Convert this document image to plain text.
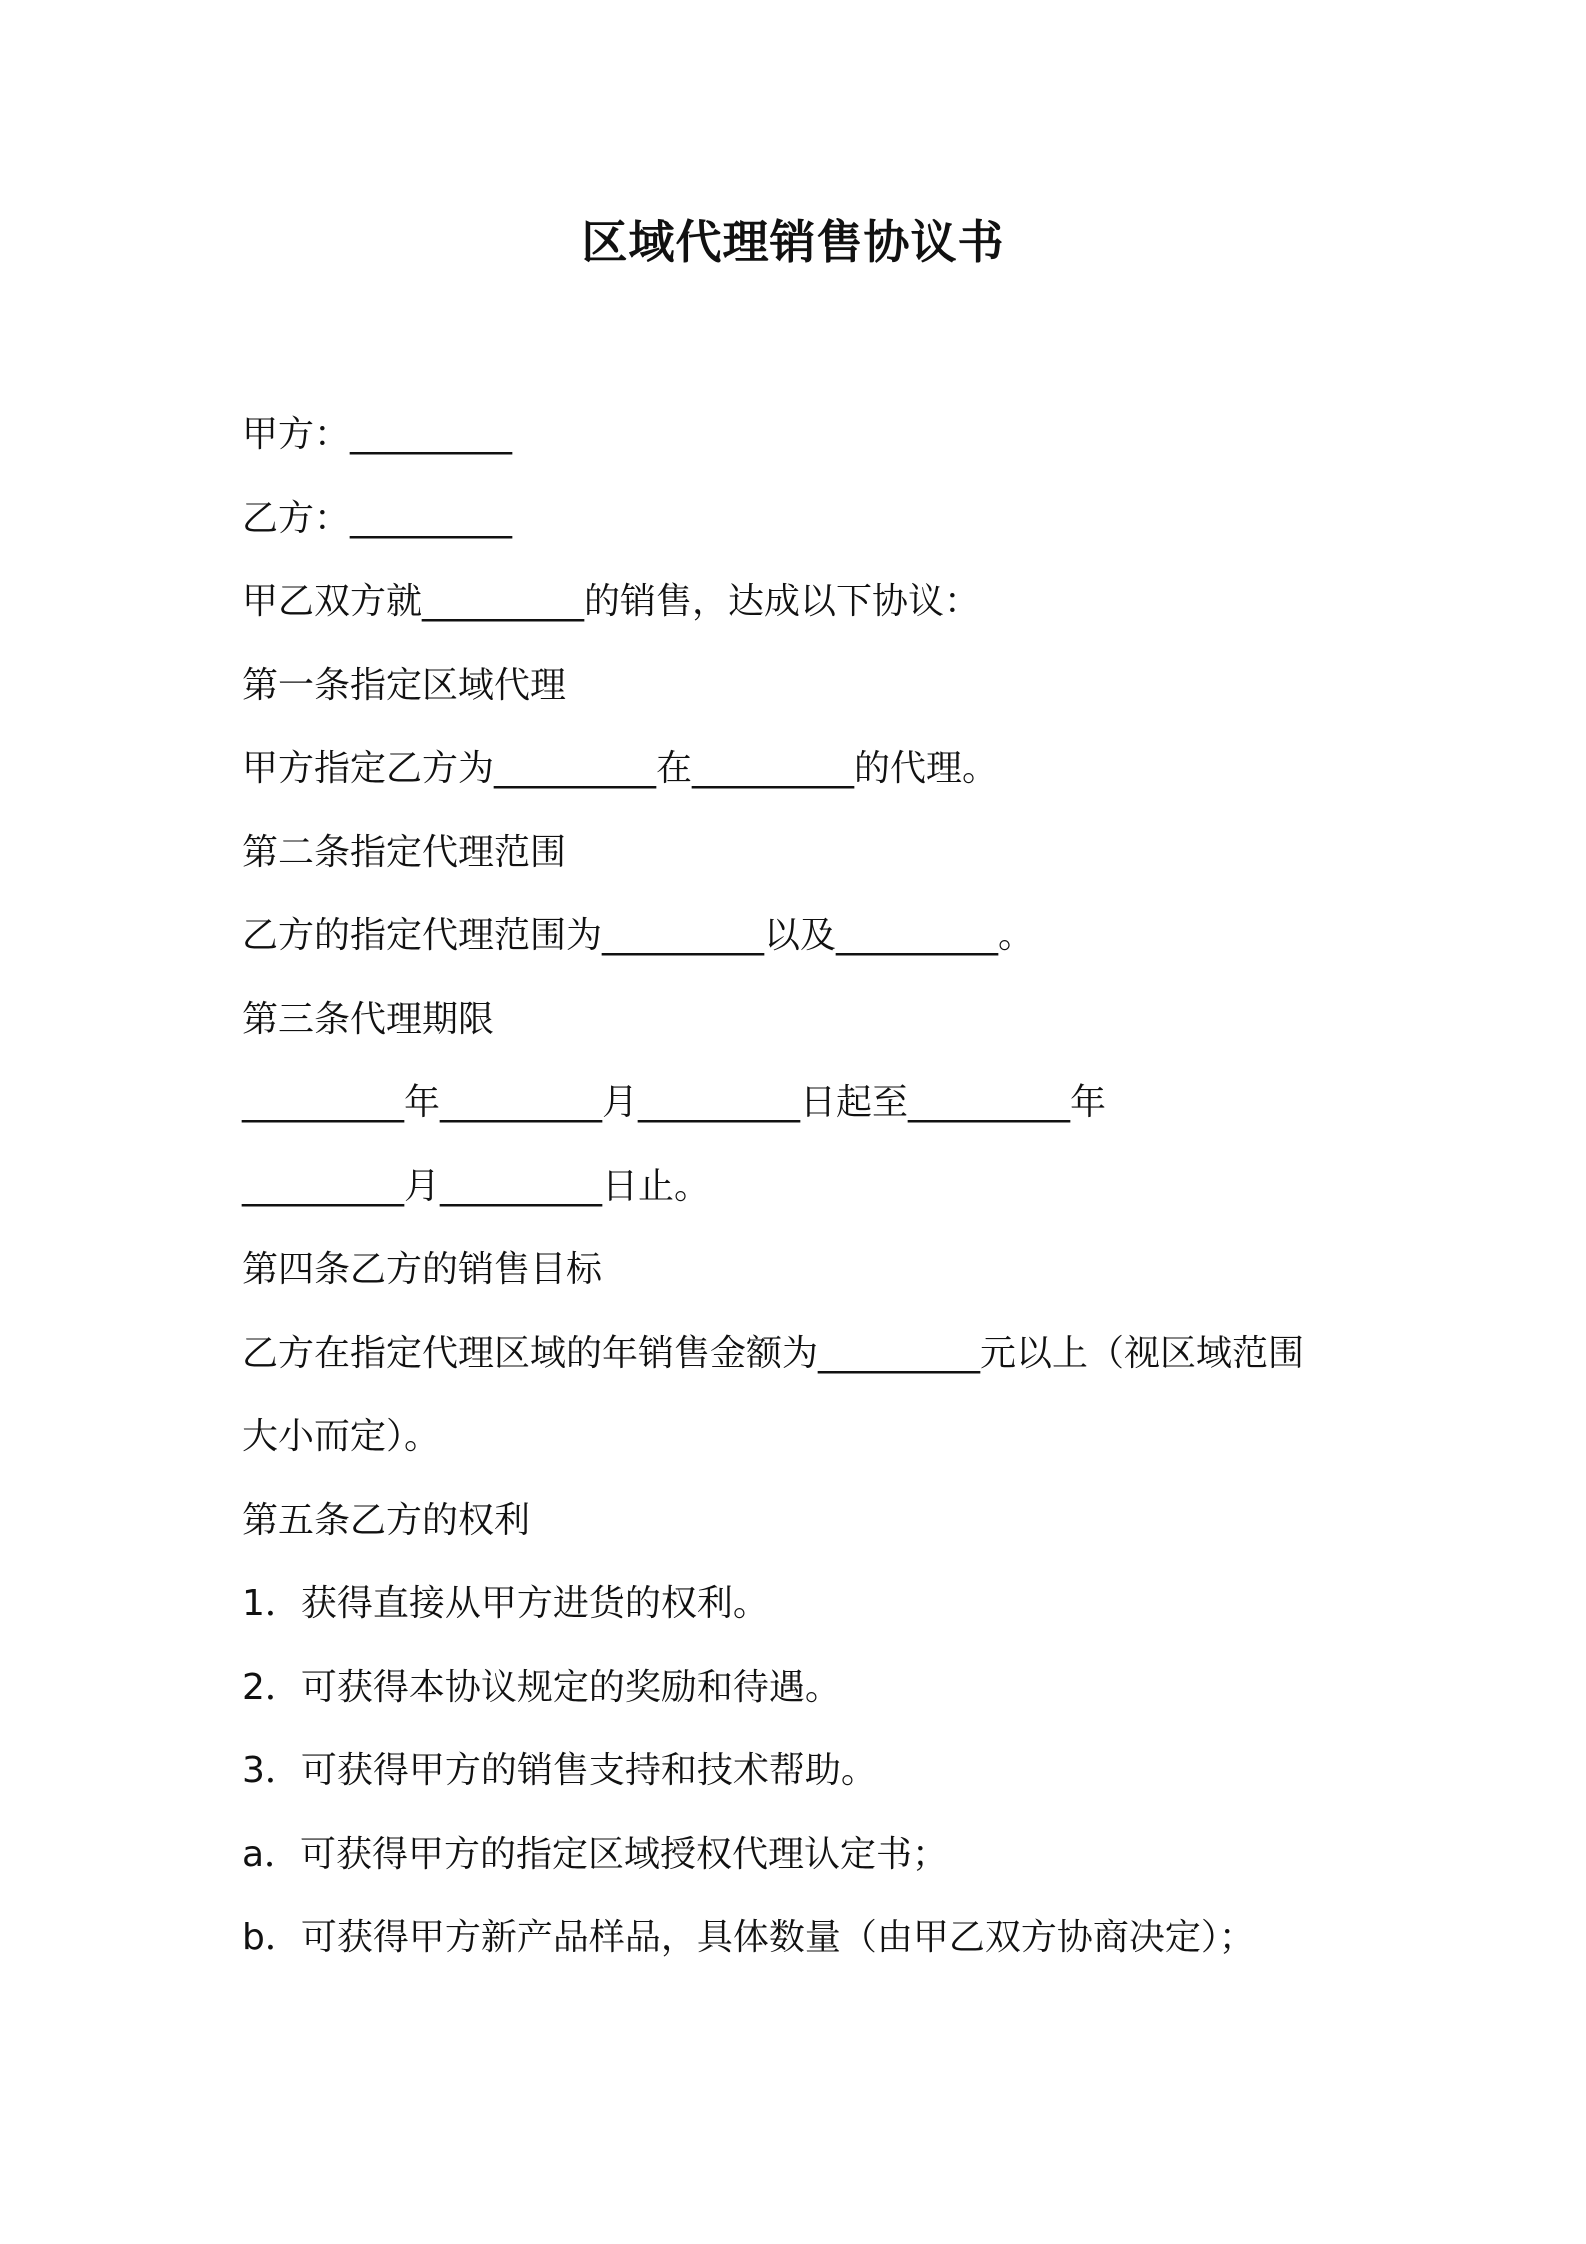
区域代理销售协议书
甲方：_________
乙方：_________
甲乙双方就_________的销售，达成以下协议：
第一条指定区域代理
甲方指定乙方为_________在_________的代理。
第二条指定代理范围
乙方的指定代理范围为_________以及_________。
第三条代理期限
_________年_________月_________日起至_________年
_________月_________日止。
第四条乙方的销售目标
乙方在指定代理区域的年销售金额为_________元以上（视区域范围
大小而定）。
第五条乙方的权利
1．获得直接从甲方进货的权利。
2．可获得本协议规定的奖励和待遇。
3．可获得甲方的销售支持和技术帮助。
a．可获得甲方的指定区域授权代理认定书；
b．可获得甲方新产品样品，具体数量（由甲乙双方协商决定）；
